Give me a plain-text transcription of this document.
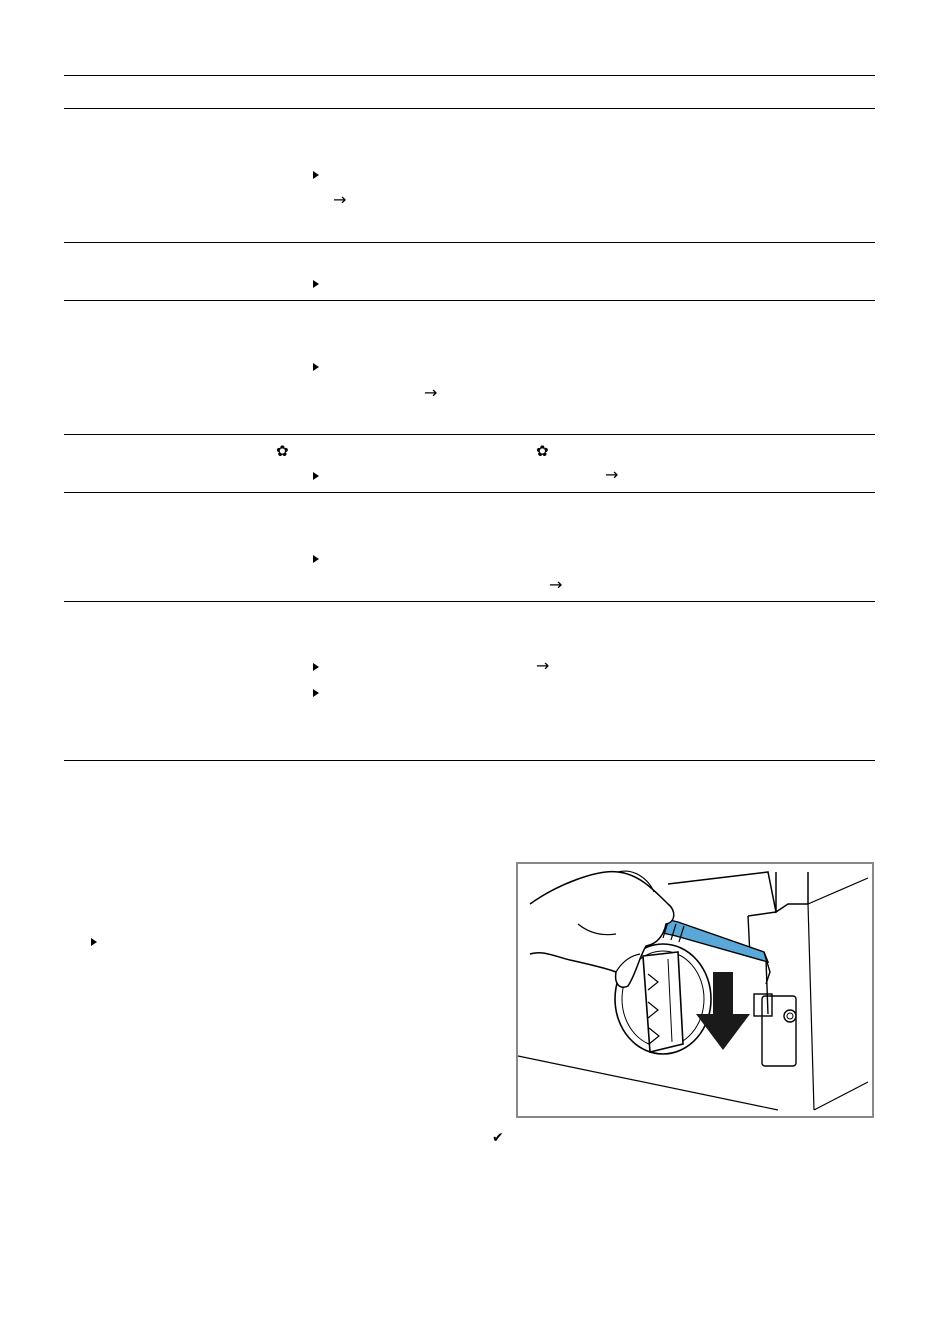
→
→
✿	✿
→
→
→
✔
